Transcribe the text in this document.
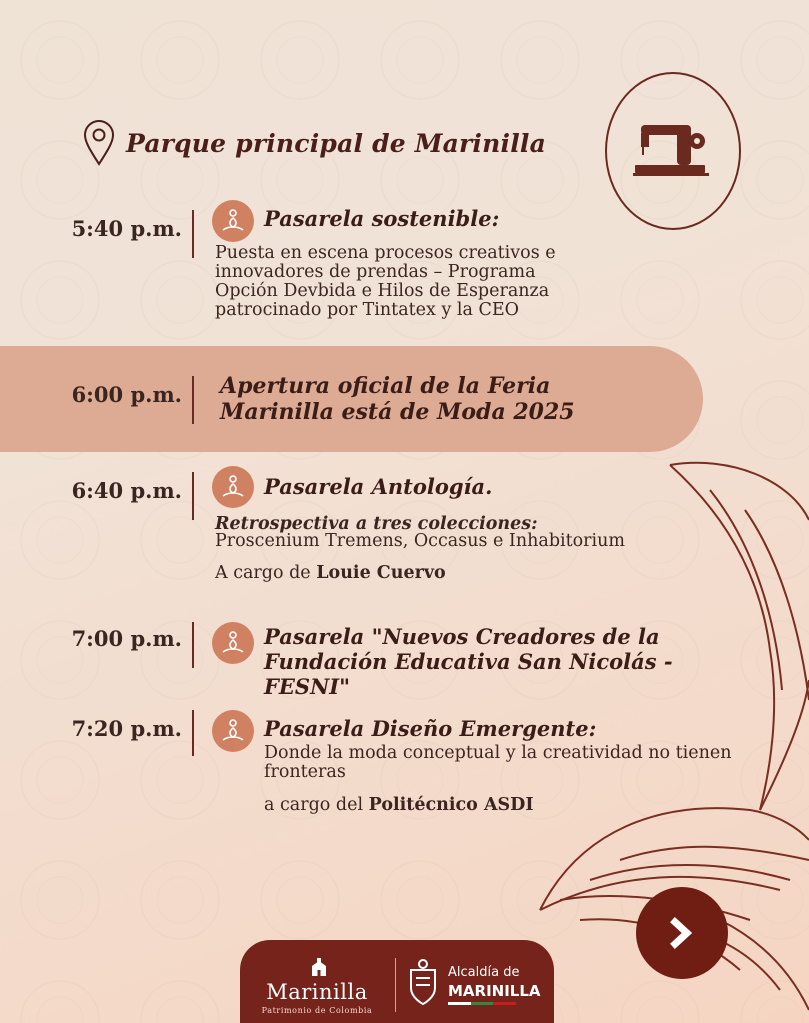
Parque principal de Marinilla
5:40 p.m.	Pasarela sostenible:
Puesta en escena procesos creativos e innovadores de prendas – Programa Opción Devbida e Hilos de Esperanza patrocinado por Tintatex y la CEO
6:00 p.m. Apertura oficial de la Feria Marinilla está de Moda 2025
6:40 p.m.	Pasarela Antología.
Retrospectiva a tres colecciones:
Proscenium Tremens, Occasus e Inhabitorium
A cargo de Louie Cuervo
7:00 p.m.	Pasarela "Nuevos Creadores de la Fundación Educativa San Nicolás - FESNI"
7:20 p.m.	Pasarela Diseño Emergente:
Donde la moda conceptual y la creatividad no tienen fronteras
a cargo del Politécnico ASDI
Marinilla
Patrimonio de Colombia
Alcaldía de
MARINILLA
